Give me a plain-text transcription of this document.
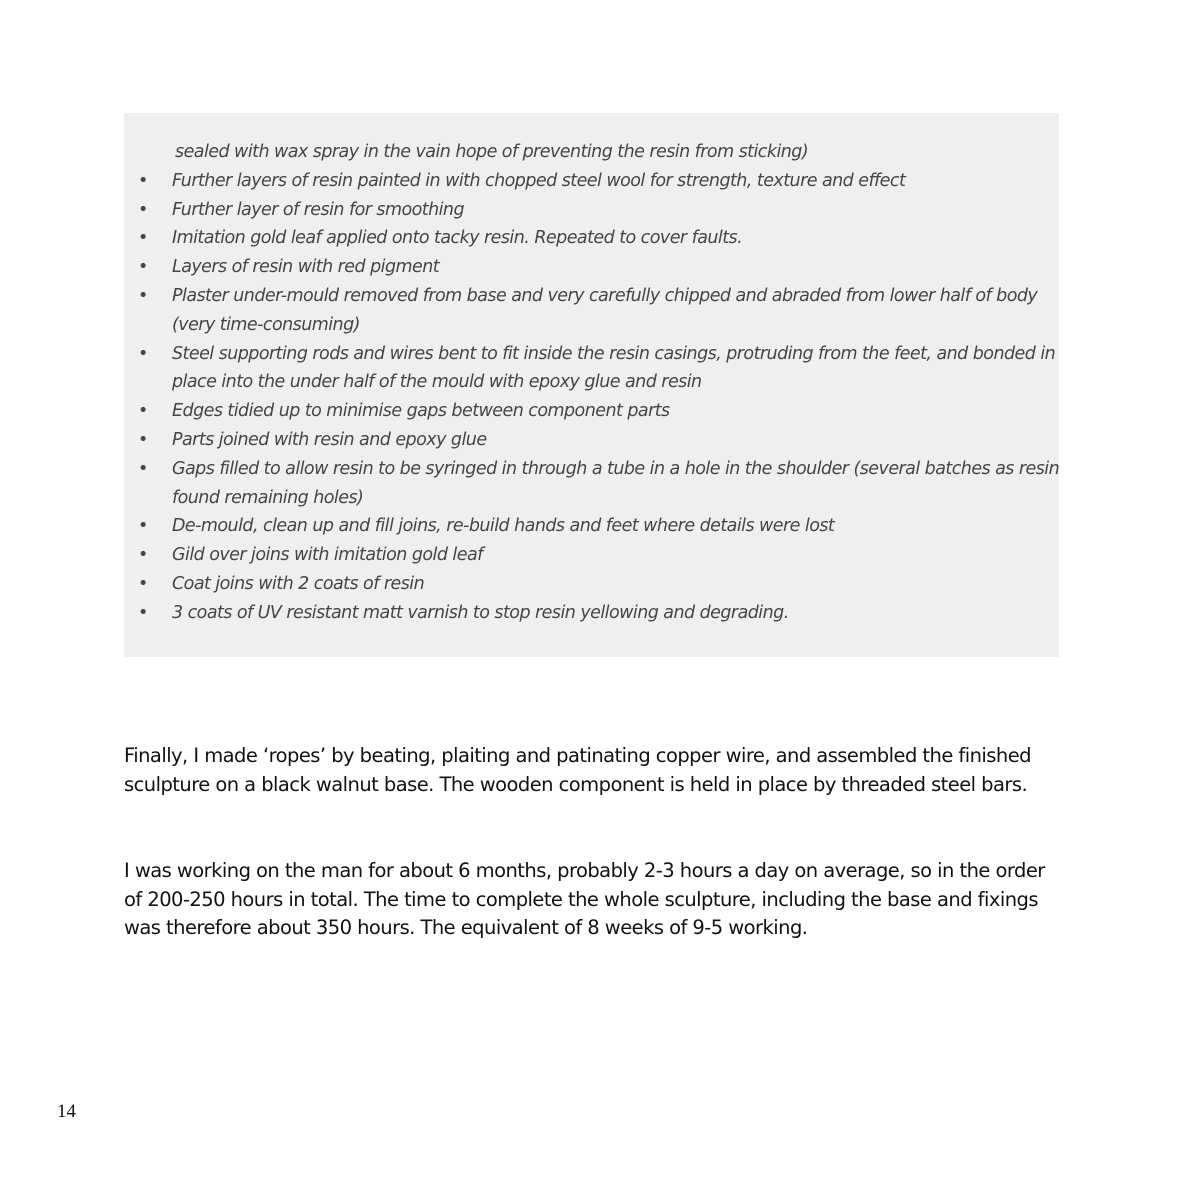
sealed with wax spray in the vain hope of preventing the resin from sticking)
• Further layers of resin painted in with chopped steel wool for strength, texture and effect
• Further layer of resin for smoothing
• Imitation gold leaf applied onto tacky resin. Repeated to cover faults.
• Layers of resin with red pigment
• Plaster under-mould removed from base and very carefully chipped and abraded from lower half of body (very time-consuming)
• Steel supporting rods and wires bent to fit inside the resin casings, protruding from the feet, and bonded in place into the under half of the mould with epoxy glue and resin
• Edges tidied up to minimise gaps between component parts
• Parts joined with resin and epoxy glue
• Gaps filled to allow resin to be syringed in through a tube in a hole in the shoulder (several batches as resin found remaining holes)
• De-mould, clean up and fill joins, re-build hands and feet where details were lost
• Gild over joins with imitation gold leaf
• Coat joins with 2 coats of resin
• 3 coats of UV resistant matt varnish to stop resin yellowing and degrading.

Finally, I made ‘ropes’ by beating, plaiting and patinating copper wire, and assembled the finished sculpture on a black walnut base. The wooden component is held in place by threaded steel bars.

I was working on the man for about 6 months, probably 2-3 hours a day on average, so in the order of 200-250 hours in total. The time to complete the whole sculpture, including the base and fixings was therefore about 350 hours. The equivalent of 8 weeks of 9-5 working.

14
